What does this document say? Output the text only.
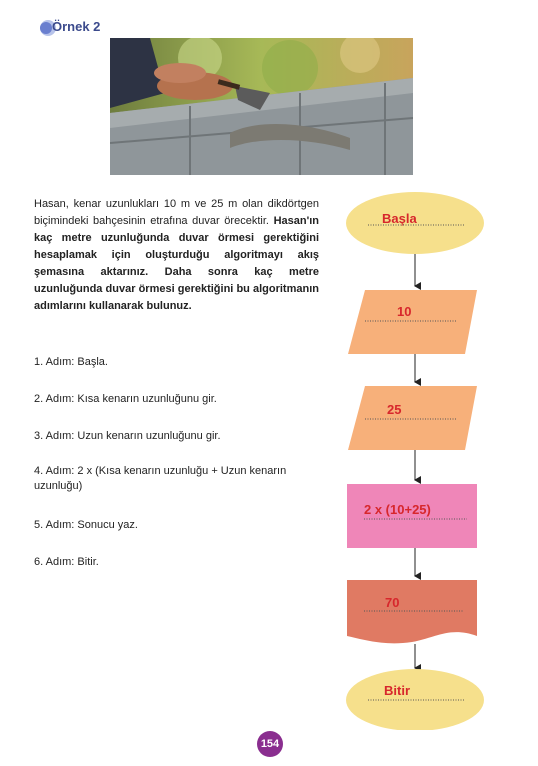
Örnek 2
Hasan, kenar uzunlukları 10 m ve 25 m olan dikdörtgen biçimindeki bahçesinin etrafına duvar örecektir. Hasan'ın kaç metre uzunluğunda duvar örmesi gerektiğini hesaplamak için oluşturduğu algoritmayı akış şemasına aktarınız. Daha sonra kaç metre uzunluğunda duvar örmesi gerektiğini bu algoritmanın adımlarını kullanarak bulunuz.
1. Adım: Başla.
2. Adım: Kısa kenarın uzunluğunu gir.
3. Adım: Uzun kenarın uzunluğunu gir.
4. Adım: 2 x (Kısa kenarın uzunluğu + Uzun kenarın uzunluğu)
5. Adım: Sonucu yaz.
6. Adım: Bitir.
Başla
10
25
2 x (10+25)
70
Bitir
154
